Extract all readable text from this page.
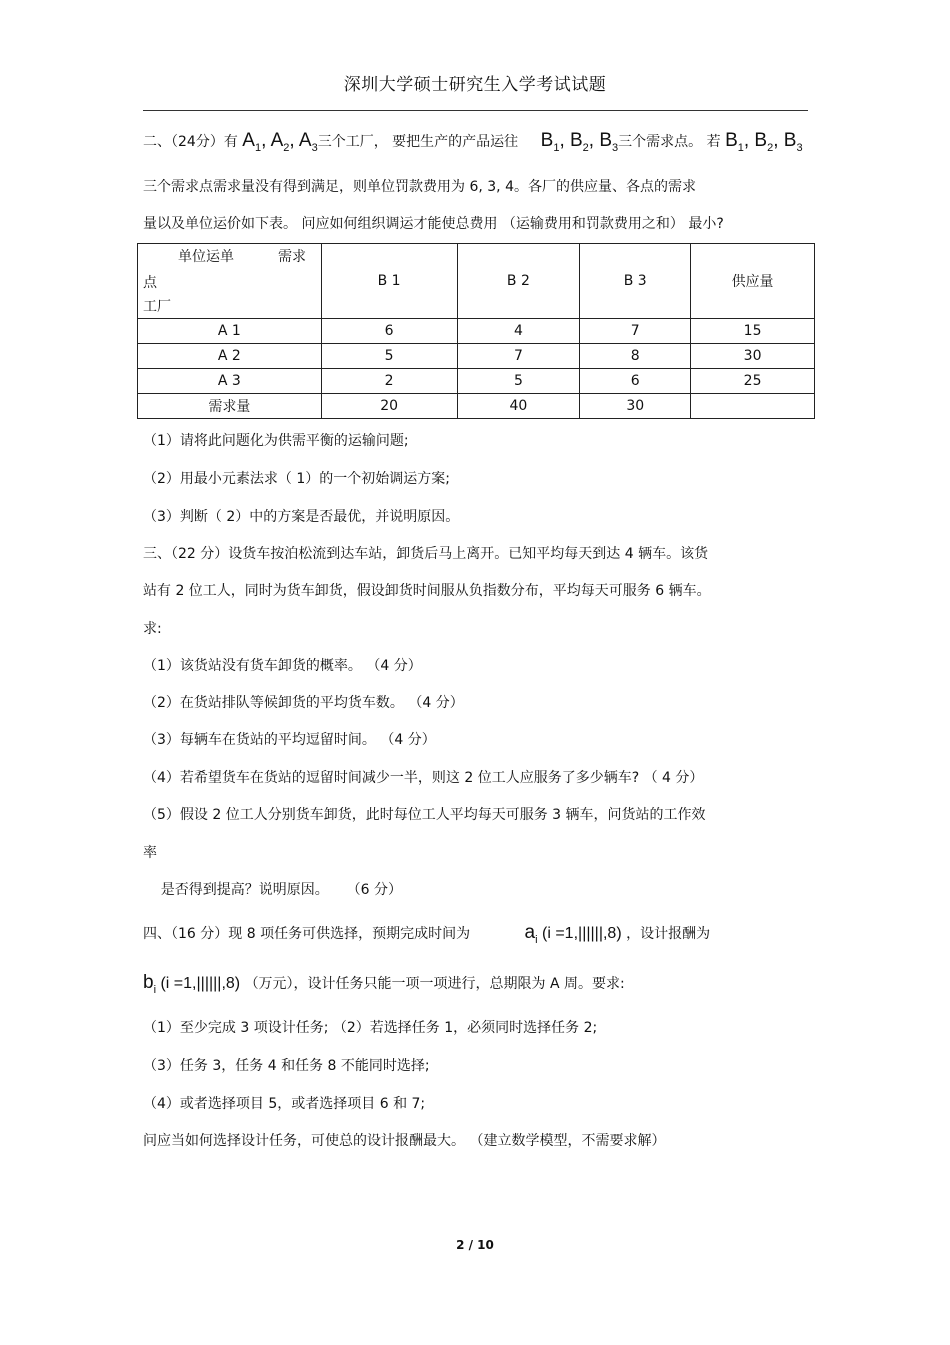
深圳大学硕士研究生入学考试试题
二、（24分）有 $A_1$, $A_2$, $A_3$三个工厂， 要把生产的产品运往 $B_1$, $B_2$, $B_3$三个需求点。 若 $B_1$, $B_2$, $B_3$
三个需求点需求量没有得到满足，则单位罚款费用为 6, 3, 4。各厂的供应量、各点的需求
量以及单位运价如下表。 问应如何组织调运才能使总费用 （运输费用和罚款费用之和） 最小?
单位运单 需求
点
工厂	B 1	B 2	B 3	供应量
A 1	6	4	7	15
A 2	5	7	8	30
A 3	2	5	6	25
需求量	20	40	30	
（1）请将此问题化为供需平衡的运输问题;
（2）用最小元素法求（ 1）的一个初始调运方案;
（3）判断（ 2）中的方案是否最优，并说明原因。
三、（22 分）设货车按泊松流到达车站，卸货后马上离开。已知平均每天到达 4 辆车。该货
站有 2 位工人，同时为货车卸货，假设卸货时间服从负指数分布，平均每天可服务 6 辆车。
求:
（1）该货站没有货车卸货的概率。 （4 分）
（2）在货站排队等候卸货的平均货车数。 （4 分）
（3）每辆车在货站的平均逗留时间。 （4 分）
（4）若希望货车在货站的逗留时间减少一半，则这 2 位工人应服务了多少辆车? （ 4 分）
（5）假设 2 位工人分别货车卸货，此时每位工人平均每天可服务 3 辆车，问货站的工作效
率
是否得到提高？说明原因。    （6 分）
四、（16 分）现 8 项任务可供选择，预期完成时间为	$a_i$ (i =1,||||||,8) ，设计报酬为
$b_i$ (i =1,||||||,8) （万元），设计任务只能一项一项进行，总期限为 A 周。要求:
（1）至少完成 3 项设计任务; （2）若选择任务 1，必须同时选择任务 2;
（3）任务 3，任务 4 和任务 8 不能同时选择;
（4）或者选择项目 5，或者选择项目 6 和 7;
问应当如何选择设计任务，可使总的设计报酬最大。 （建立数学模型，不需要求解）
2 / 10
